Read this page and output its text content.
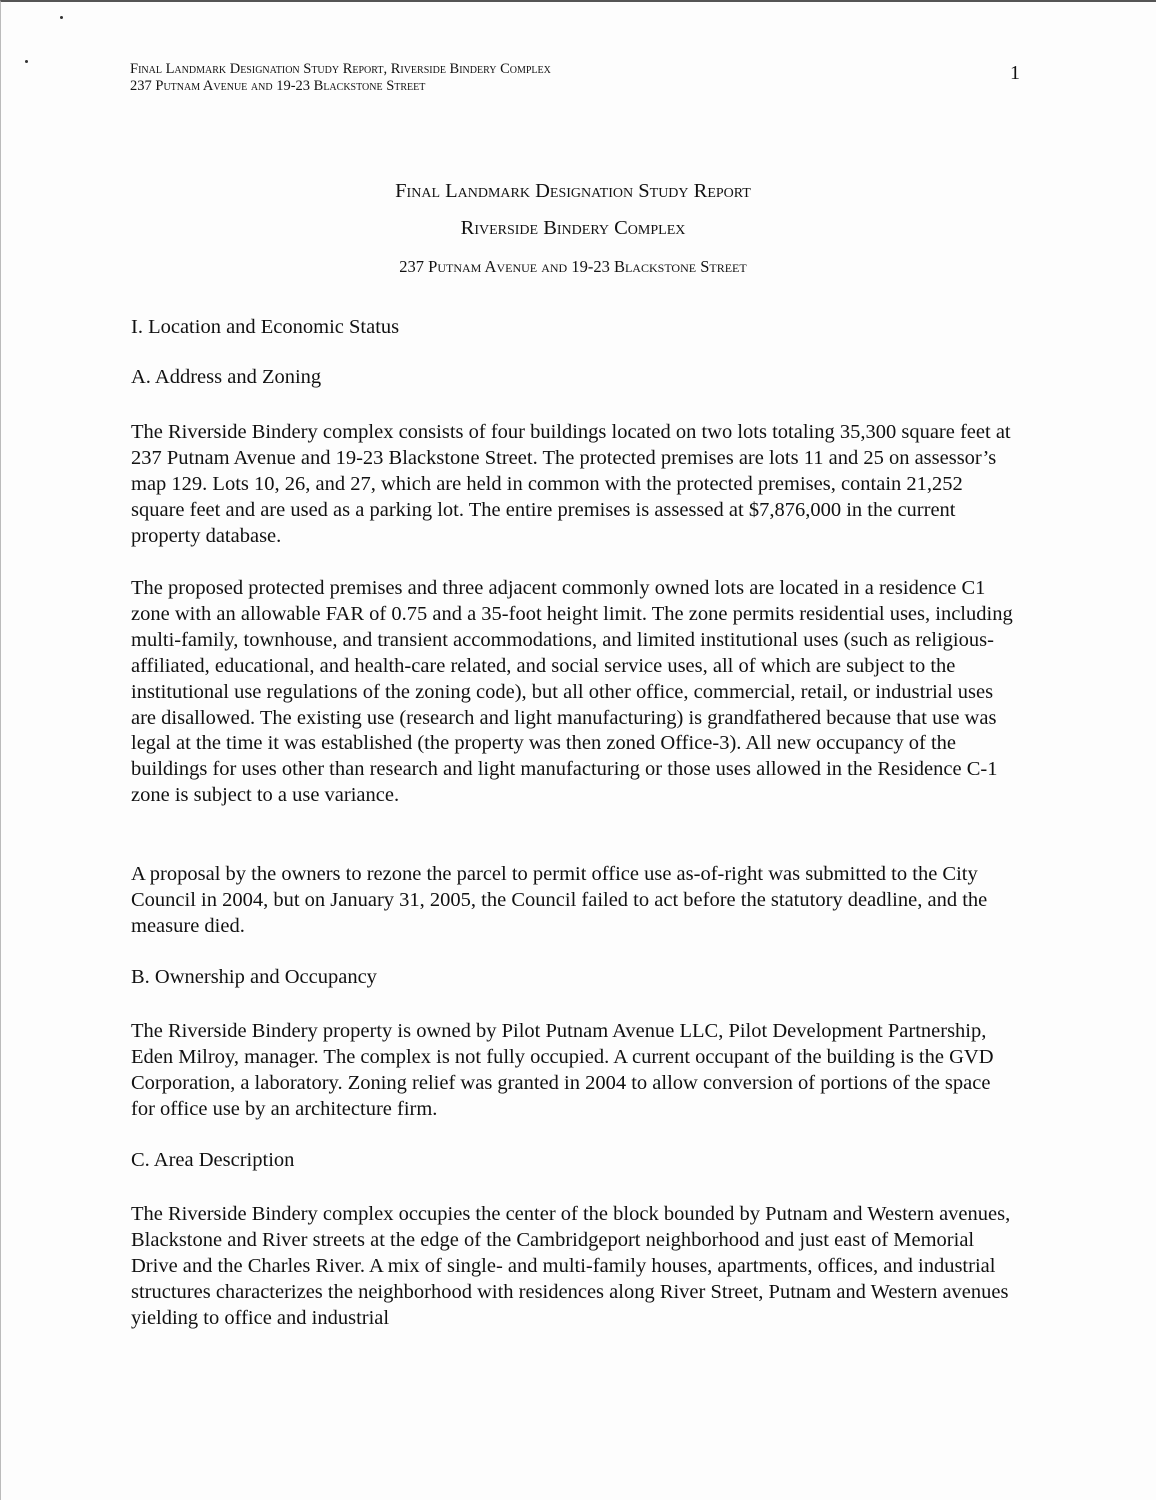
Final Landmark Designation Study Report, Riverside Bindery Complex
237 Putnam Avenue and 19-23 Blackstone Street
1
Final Landmark Designation Study Report
Riverside Bindery Complex
237 Putnam Avenue and 19-23 Blackstone Street
I. Location and Economic Status
A. Address and Zoning

The Riverside Bindery complex consists of four buildings located on two lots totaling 35,300 square feet at 237 Putnam Avenue and 19-23 Blackstone Street. The protected premises are lots 11 and 25 on assessor’s map 129. Lots 10, 26, and 27, which are held in common with the protected premises, contain 21,252 square feet and are used as a parking lot. The entire premises is assessed at $7,876,000 in the current property database.

The proposed protected premises and three adjacent commonly owned lots are located in a residence C1 zone with an allowable FAR of 0.75 and a 35-foot height limit. The zone permits residential uses, including multi-family, townhouse, and transient accommodations, and limited institutional uses (such as religious-affiliated, educational, and health-care related, and social service uses, all of which are subject to the institutional use regulations of the zoning code), but all other office, commercial, retail, or industrial uses are disallowed. The existing use (research and light manufacturing) is grandfathered because that use was legal at the time it was established (the property was then zoned Office-3). All new occupancy of the buildings for uses other than research and light manufacturing or those uses allowed in the Residence C-1 zone is subject to a use variance.

A proposal by the owners to rezone the parcel to permit office use as-of-right was submitted to the City Council in 2004, but on January 31, 2005, the Council failed to act before the statutory deadline, and the measure died.

B. Ownership and Occupancy

The Riverside Bindery property is owned by Pilot Putnam Avenue LLC, Pilot Development Partnership, Eden Milroy, manager. The complex is not fully occupied. A current occupant of the building is the GVD Corporation, a laboratory. Zoning relief was granted in 2004 to allow conversion of portions of the space for office use by an architecture firm.

C. Area Description

The Riverside Bindery complex occupies the center of the block bounded by Putnam and Western avenues, Blackstone and River streets at the edge of the Cambridgeport neighborhood and just east of Memorial Drive and the Charles River. A mix of single- and multi-family houses, apartments, offices, and industrial structures characterizes the neighborhood with residences along River Street, Putnam and Western avenues yielding to office and industrial
